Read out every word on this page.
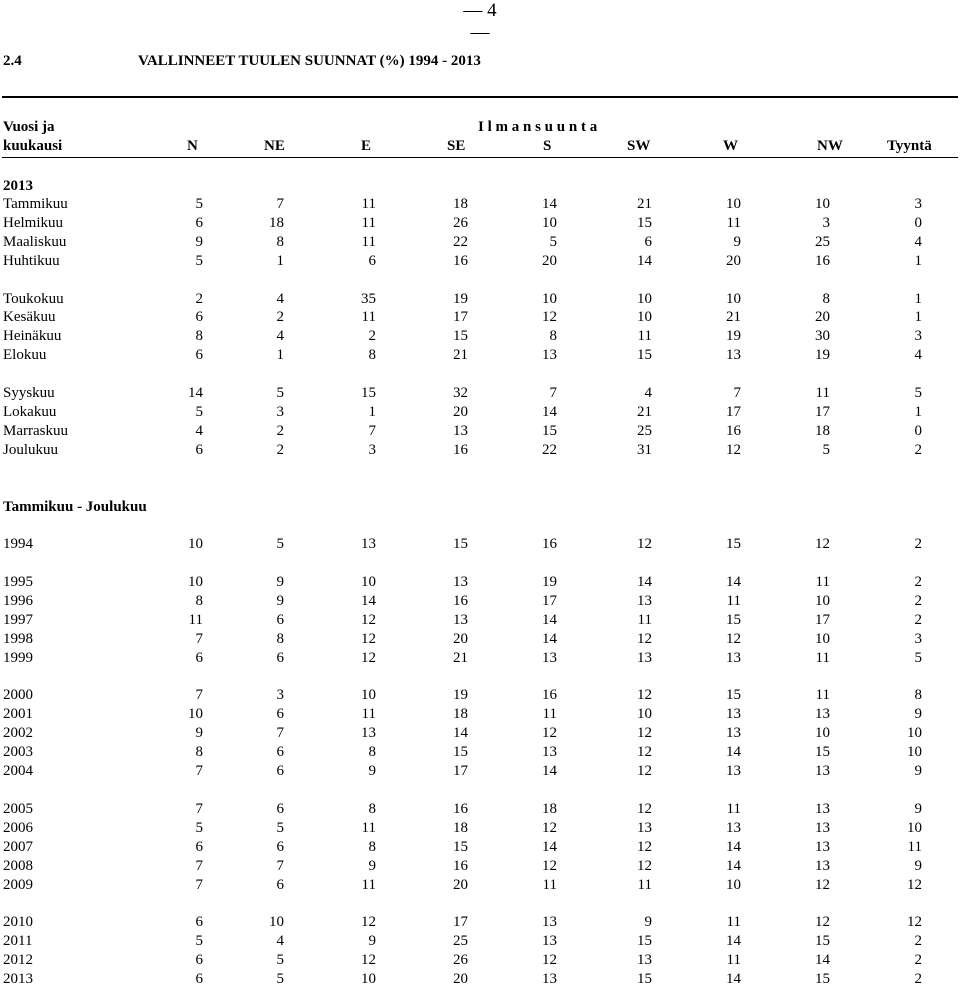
— 4 —
2.4	VALLINNEET TUULEN SUUNNAT (%) 1994 - 2013
Vuosi ja	I l m a n s u u n t a
kuukausi	N	NE	E	SE	S	SW	W	NW	Tyyntä
2013
Tammikuu	5	7	11	18	14	21	10	10	3
Helmikuu	6	18	11	26	10	15	11	3	0
Maaliskuu	9	8	11	22	5	6	9	25	4
Huhtikuu	5	1	6	16	20	14	20	16	1
Toukokuu	2	4	35	19	10	10	10	8	1
Kesäkuu	6	2	11	17	12	10	21	20	1
Heinäkuu	8	4	2	15	8	11	19	30	3
Elokuu	6	1	8	21	13	15	13	19	4
Syyskuu	14	5	15	32	7	4	7	11	5
Lokakuu	5	3	1	20	14	21	17	17	1
Marraskuu	4	2	7	13	15	25	16	18	0
Joulukuu	6	2	3	16	22	31	12	5	2
Tammikuu - Joulukuu
1994	10	5	13	15	16	12	15	12	2
1995	10	9	10	13	19	14	14	11	2
1996	8	9	14	16	17	13	11	10	2
1997	11	6	12	13	14	11	15	17	2
1998	7	8	12	20	14	12	12	10	3
1999	6	6	12	21	13	13	13	11	5
2000	7	3	10	19	16	12	15	11	8
2001	10	6	11	18	11	10	13	13	9
2002	9	7	13	14	12	12	13	10	10
2003	8	6	8	15	13	12	14	15	10
2004	7	6	9	17	14	12	13	13	9
2005	7	6	8	16	18	12	11	13	9
2006	5	5	11	18	12	13	13	13	10
2007	6	6	8	15	14	12	14	13	11
2008	7	7	9	16	12	12	14	13	9
2009	7	6	11	20	11	11	10	12	12
2010	6	10	12	17	13	9	11	12	12
2011	5	4	9	25	13	15	14	15	2
2012	6	5	12	26	12	13	11	14	2
2013	6	5	10	20	13	15	14	15	2
